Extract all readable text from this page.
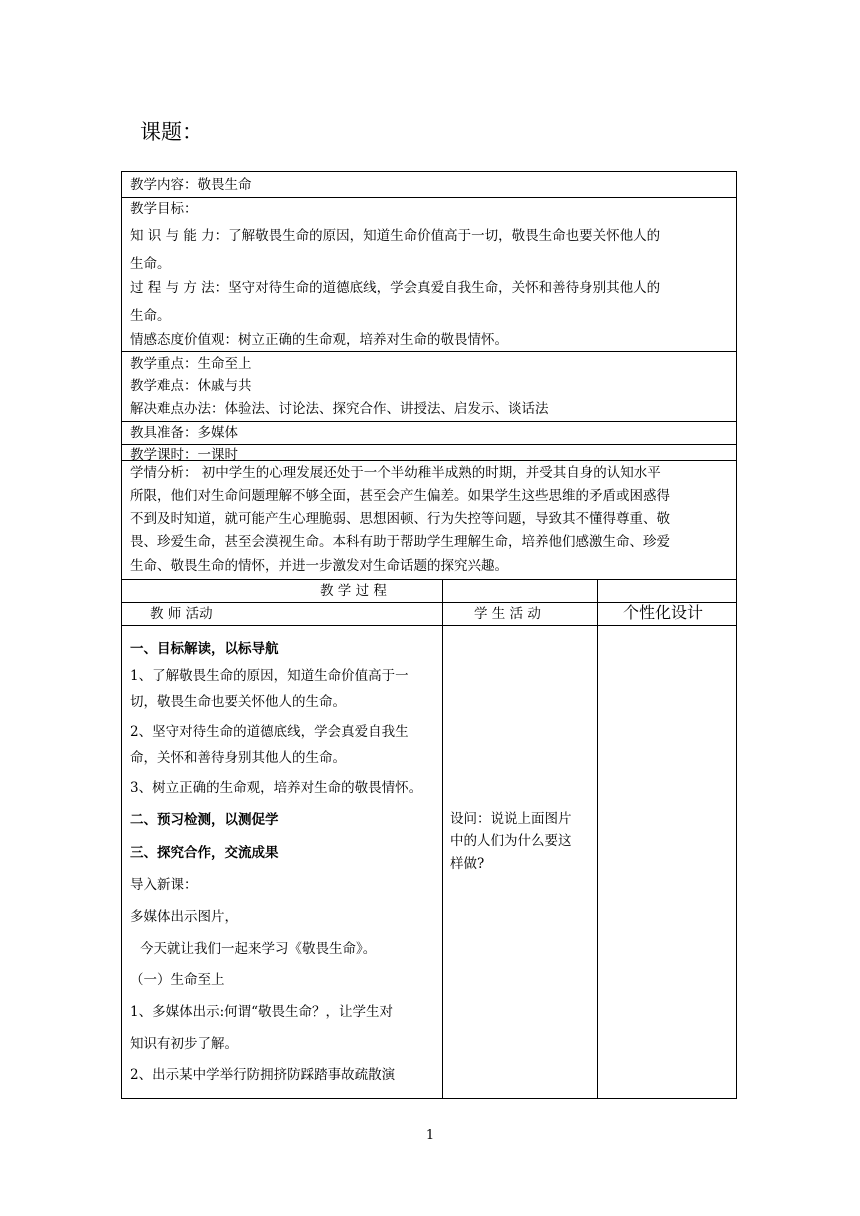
课题：
教学内容：敬畏生命
教学目标：
知 识 与 能 力：了解敬畏生命的原因，知道生命价值高于一切，敬畏生命也要关怀他人的
生命。
过 程 与 方 法：坚守对待生命的道德底线，学会真爱自我生命，关怀和善待身别其他人的
生命。
情感态度价值观：树立正确的生命观，培养对生命的敬畏情怀。
教学重点：生命至上
教学难点：休戚与共
解决难点办法：体验法、讨论法、探究合作、讲授法、启发示、谈话法
教具准备：多媒体
教学课时：一课时
学情分析： 初中学生的心理发展还处于一个半幼稚半成熟的时期，并受其自身的认知水平
所限，他们对生命问题理解不够全面，甚至会产生偏差。如果学生这些思维的矛盾或困惑得
不到及时知道，就可能产生心理脆弱、思想困顿、行为失控等问题，导致其不懂得尊重、敬
畏、珍爱生命，甚至会漠视生命。本科有助于帮助学生理解生命，培养他们感激生命、珍爱
生命、敬畏生命的情怀，并进一步激发对生命话题的探究兴趣。
教 学 过 程
教 师 活动	学 生 活 动	个性化设计
一、目标解读，以标导航
1、了解敬畏生命的原因，知道生命价值高于一
切，敬畏生命也要关怀他人的生命。
2、坚守对待生命的道德底线，学会真爱自我生
命，关怀和善待身别其他人的生命。
3、树立正确的生命观，培养对生命的敬畏情怀。
二、预习检测，以测促学
三、探究合作，交流成果
导入新课：
多媒体出示图片，
今天就让我们一起来学习《敬畏生命》。
（一）生命至上
1、多媒体出示:何谓“敬畏生命？，让学生对
知识有初步了解。
2、出示某中学举行防拥挤防踩踏事故疏散演
设问：说说上面图片
中的人们为什么要这
样做?
1
